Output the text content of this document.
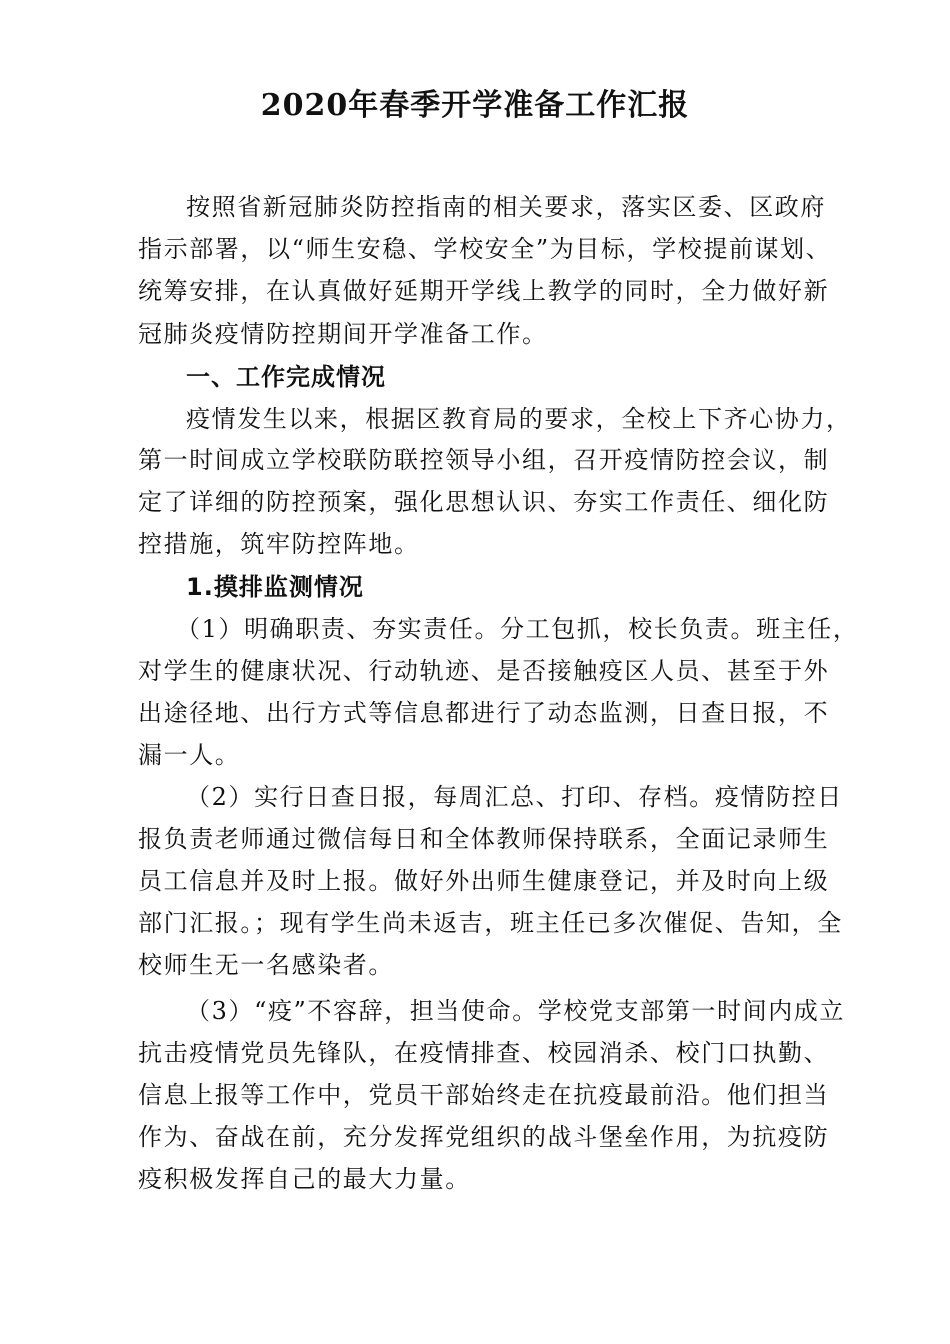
2020年春季开学准备工作汇报

按照省新冠肺炎防控指南的相关要求，落实区委、区政府

指示部署，以“师生安稳、学校安全”为目标，学校提前谋划、

统筹安排，在认真做好延期开学线上教学的同时，全力做好新

冠肺炎疫情防控期间开学准备工作。

一、工作完成情况

疫情发生以来，根据区教育局的要求，全校上下齐心协力，

第一时间成立学校联防联控领导小组，召开疫情防控会议，制

定了详细的防控预案，强化思想认识、夯实工作责任、细化防

控措施，筑牢防控阵地。

1.摸排监测情况

（1）明确职责、夯实责任。分工包抓，校长负责。班主任，

对学生的健康状况、行动轨迹、是否接触疫区人员、甚至于外

出途径地、出行方式等信息都进行了动态监测，日查日报，不

漏一人。

（2）实行日查日报，每周汇总、打印、存档。疫情防控日

报负责老师通过微信每日和全体教师保持联系，全面记录师生

员工信息并及时上报。做好外出师生健康登记，并及时向上级

部门汇报。；现有学生尚未返吉，班主任已多次催促、告知，全

校师生无一名感染者。

（3）“疫”不容辞，担当使命。学校党支部第一时间内成立

抗击疫情党员先锋队，在疫情排查、校园消杀、校门口执勤、

信息上报等工作中，党员干部始终走在抗疫最前沿。他们担当

作为、奋战在前，充分发挥党组织的战斗堡垒作用，为抗疫防

疫积极发挥自己的最大力量。
